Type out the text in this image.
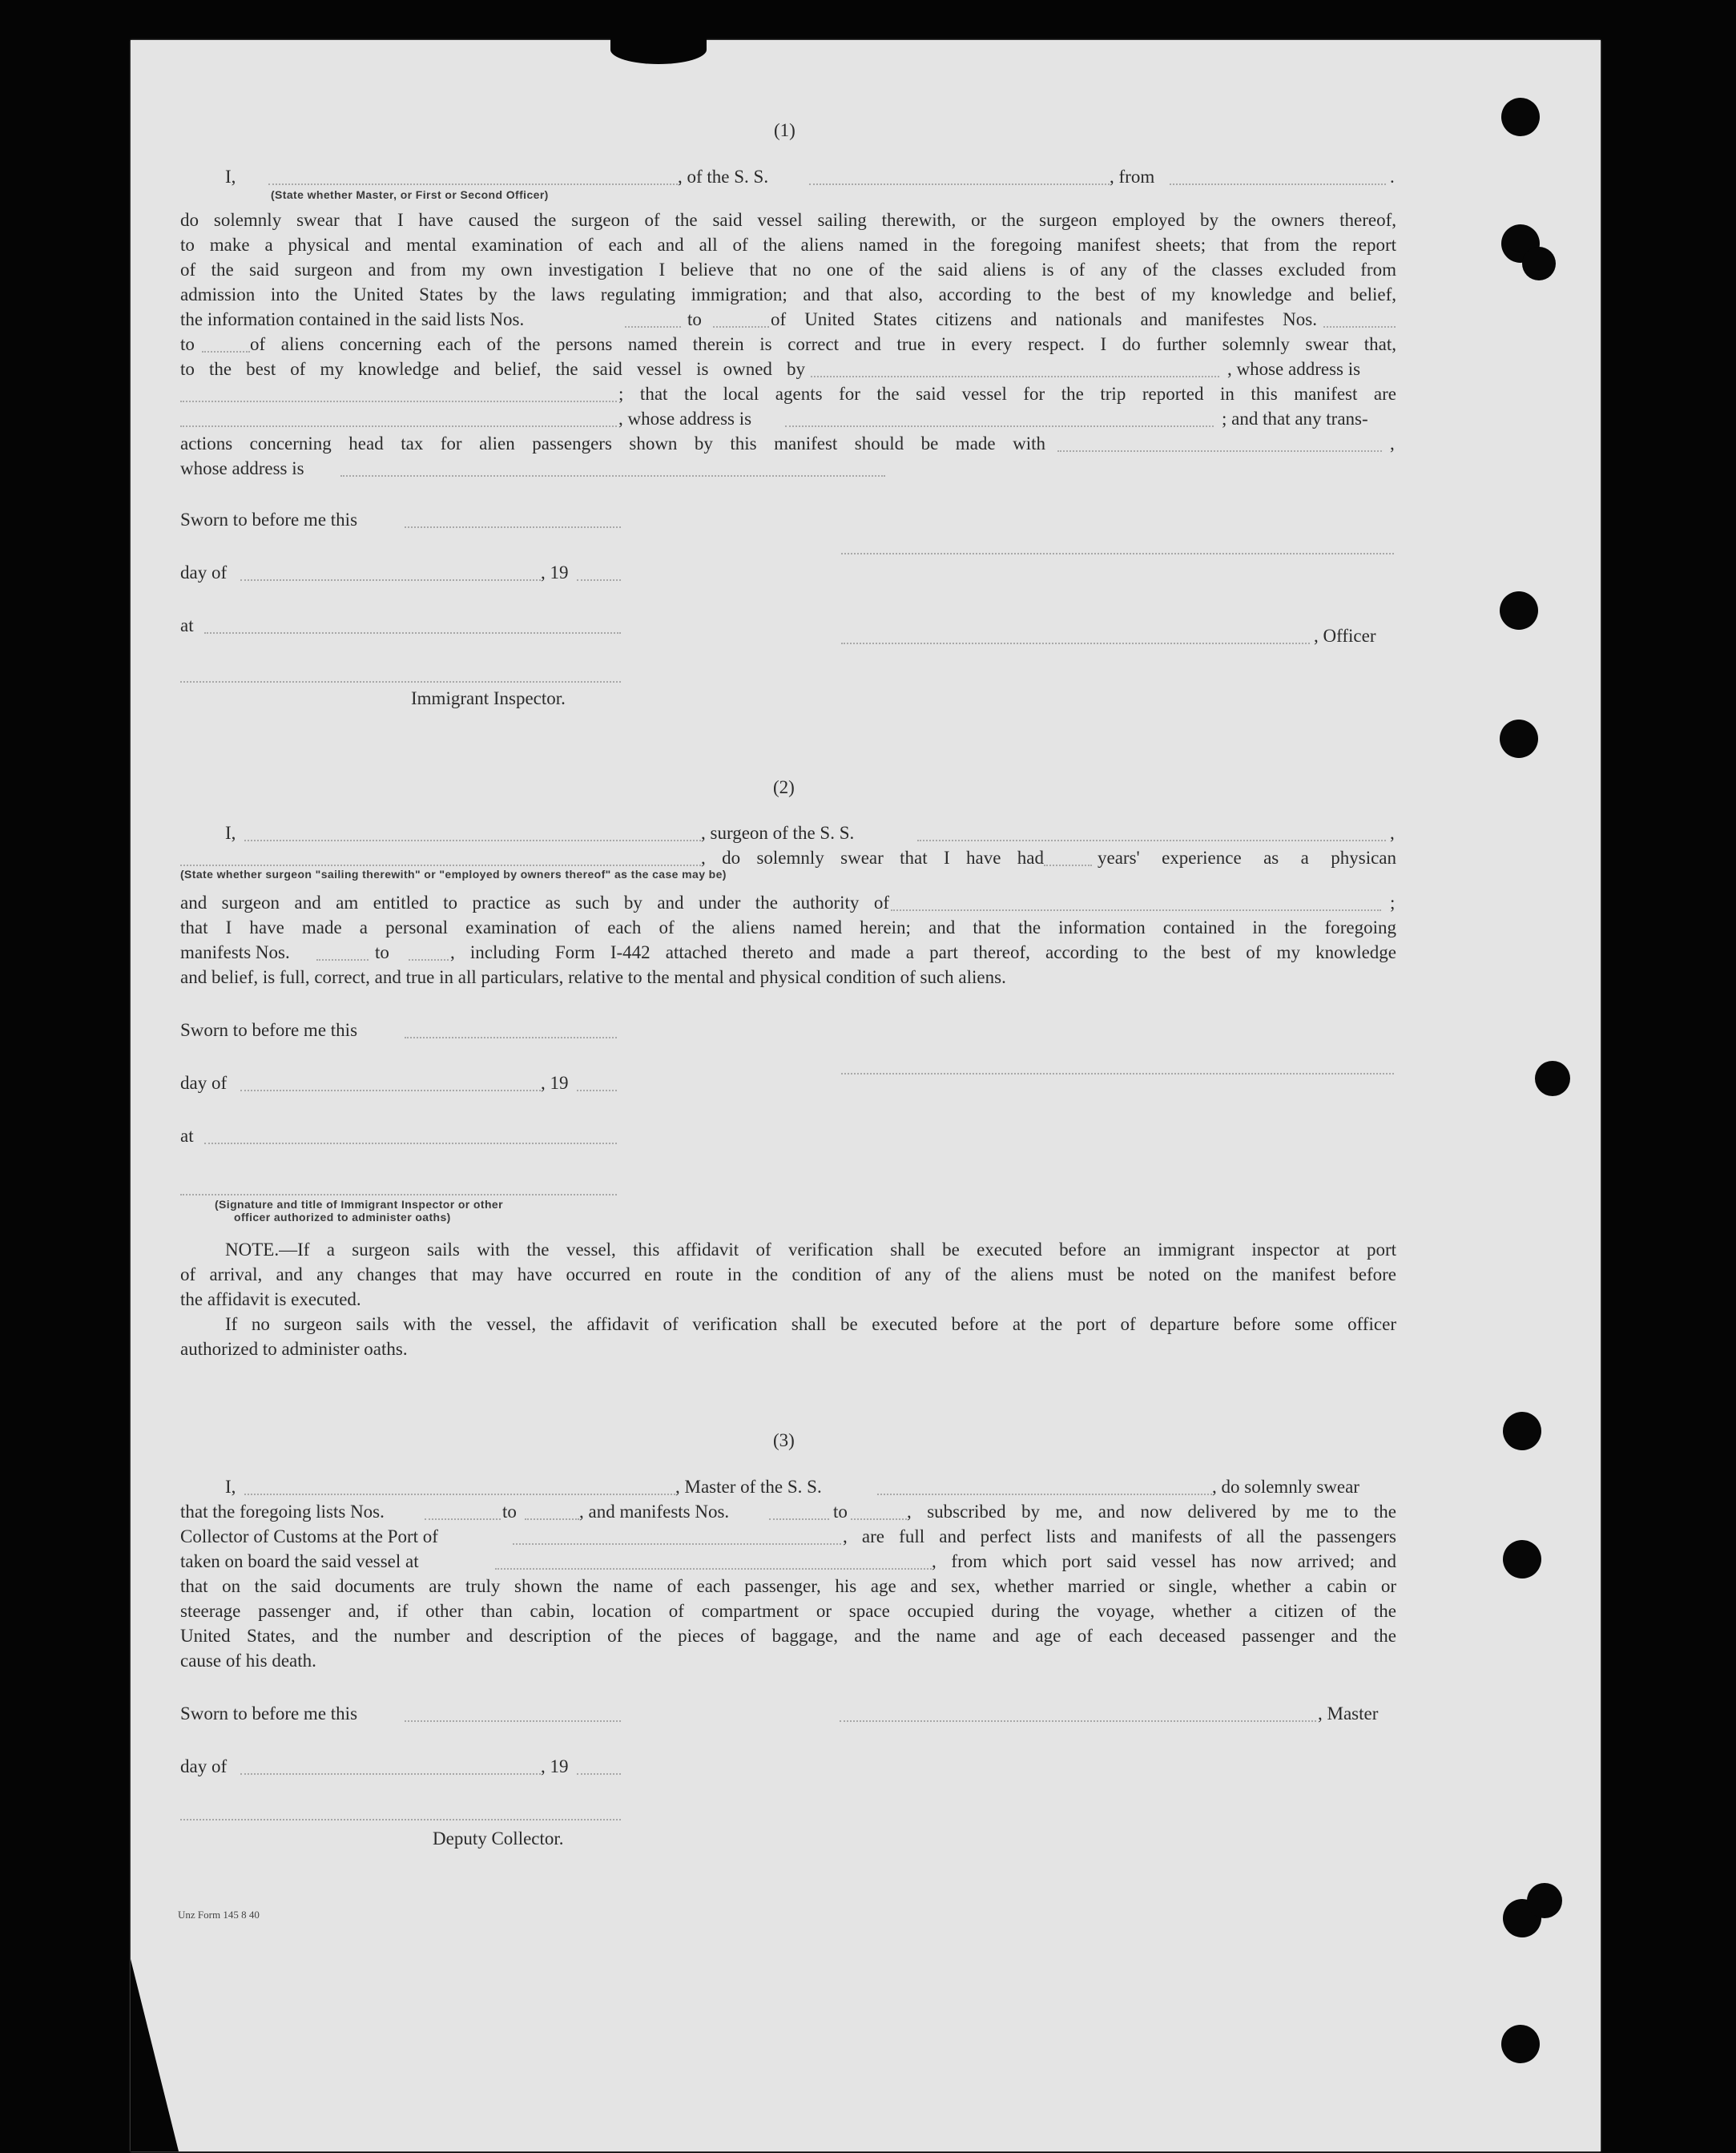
(1)
I,	, of the S. S.	, from	.
(State whether Master, or First or Second Officer)
do solemnly swear that I have caused the surgeon of the said vessel sailing therewith, or the surgeon employed by the owners thereof,
to make a physical and mental examination of each and all of the aliens named in the foregoing manifest sheets; that from the report
of the said surgeon and from my own investigation I believe that no one of the said aliens is of any of the classes excluded from
admission into the United States by the laws regulating immigration; and that also, according to the best of my knowledge and belief,
the information contained in the said lists Nos.	to	of United States citizens and nationals and manifestes Nos.
to	of aliens concerning each of the persons named therein is correct and true in every respect. I do further solemnly swear that,
to the best of my knowledge and belief, the said vessel is owned by	, whose address is
; that the local agents for the said vessel for the trip reported in this manifest are
, whose address is	; and that any trans-
actions concerning head tax for alien passengers shown by this manifest should be made with	,
whose address is
Sworn to before me this
day of	, 19
at
, Officer
Immigrant Inspector.
(2)
I,	, surgeon of the S. S.	,
, do solemnly swear that I have had	years' experience as a physican
(State whether surgeon "sailing therewith" or "employed by owners thereof" as the case may be)
and surgeon and am entitled to practice as such by and under the authority of	;
that I have made a personal examination of each of the aliens named herein; and that the information contained in the foregoing
manifests Nos.	to	, including Form I-442 attached thereto and made a part thereof, according to the best of my knowledge
and belief, is full, correct, and true in all particulars, relative to the mental and physical condition of such aliens.
Sworn to before me this
day of	, 19
at
(Signature and title of Immigrant Inspector or other
officer authorized to administer oaths)
NOTE.—If a surgeon sails with the vessel, this affidavit of verification shall be executed before an immigrant inspector at port
of arrival, and any changes that may have occurred en route in the condition of any of the aliens must be noted on the manifest before
the affidavit is executed.
If no surgeon sails with the vessel, the affidavit of verification shall be executed before at the port of departure before some officer
authorized to administer oaths.
(3)
I,	, Master of the S. S.	, do solemnly swear
that the foregoing lists Nos.	to	, and manifests Nos.	to	, subscribed by me, and now delivered by me to the
Collector of Customs at the Port of	, are full and perfect lists and manifests of all the passengers
taken on board the said vessel at	, from which port said vessel has now arrived; and
that on the said documents are truly shown the name of each passenger, his age and sex, whether married or single, whether a cabin or
steerage passenger and, if other than cabin, location of compartment or space occupied during the voyage, whether a citizen of the
United States, and the number and description of the pieces of baggage, and the name and age of each deceased passenger and the
cause of his death.
Sworn to before me this	, Master
day of	, 19
Deputy Collector.
Unz Form 145 8 40
